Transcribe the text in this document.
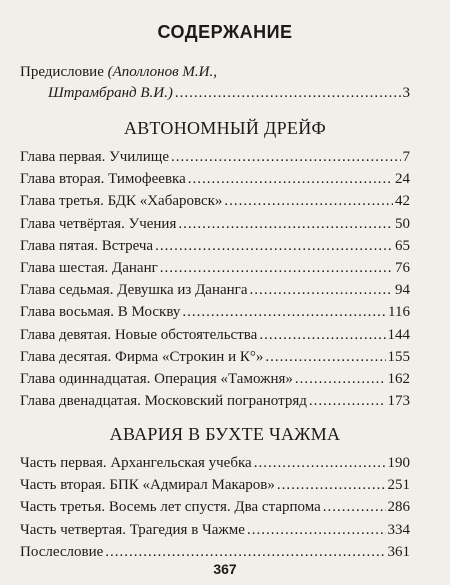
СОДЕРЖАНИЕ
Предисловие (Аполлонов М.И.,
Штрамбранд В.И.) .....	3
АВТОНОМНЫЙ ДРЕЙФ
Глава первая. Училище .....	7
Глава вторая. Тимофеевка .....	24
Глава третья. БДК «Хабаровск» .....	42
Глава четвёртая. Учения .....	50
Глава пятая. Встреча .....	65
Глава шестая. Дананг .....	76
Глава седьмая. Девушка из Дананга .....	94
Глава восьмая. В Москву .....	116
Глава девятая. Новые обстоятельства .....	144
Глава десятая. Фирма «Строкин и К°» .....	155
Глава одиннадцатая. Операция «Таможня» .....	162
Глава двенадцатая. Московский погранотряд .....	173
АВАРИЯ В БУХТЕ ЧАЖМА
Часть первая. Архангельская учебка .....	190
Часть вторая. БПК «Адмирал Макаров» .....	251
Часть третья. Восемь лет спустя. Два старпома .....	286
Часть четвертая. Трагедия в Чажме .....	334
Послесловие .....	361
367
